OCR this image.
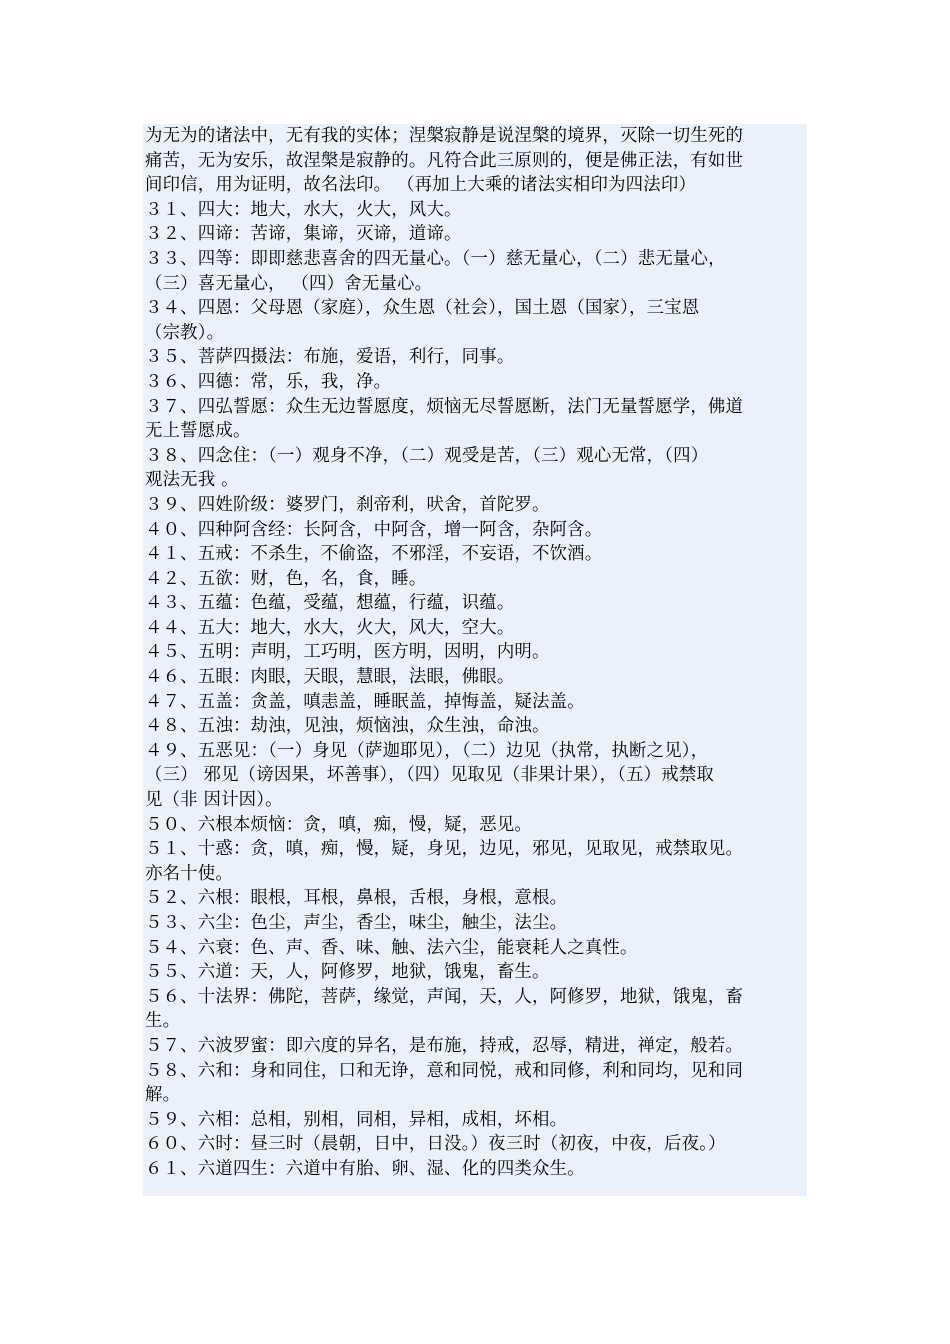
为无为的诸法中，无有我的实体；涅槃寂静是说涅槃的境界，灭除一切生死的
痛苦，无为安乐，故涅槃是寂静的。凡符合此三原则的，便是佛正法，有如世
间印信，用为证明，故名法印。 （再加上大乘的诸法实相印为四法印）
３１、四大：地大，水大，火大，风大。
３２、四谛：苦谛，集谛，灭谛，道谛。
３３、四等：即即慈悲喜舍的四无量心。（一）慈无量心，（二）悲无量心，
（三）喜无量心， （四）舍无量心。
３４、四恩：父母恩（家庭），众生恩（社会），国土恩（国家），三宝恩
（宗教）。
３５、菩萨四摄法：布施，爱语，利行，同事。
３６、四德：常，乐，我，净。
３７、四弘誓愿：众生无边誓愿度，烦恼无尽誓愿断，法门无量誓愿学，佛道
无上誓愿成。
３８、四念住：（一）观身不净，（二）观受是苦，（三）观心无常，（四）
观法无我 。
３９、四姓阶级：婆罗门，刹帝利，吠舍，首陀罗。
４０、四种阿含经：长阿含，中阿含，增一阿含，杂阿含。
４１、五戒：不杀生，不偷盗，不邪淫，不妄语，不饮酒。
４２、五欲：财，色，名，食，睡。
４３、五蕴：色蕴，受蕴，想蕴，行蕴，识蕴。
４４、五大：地大，水大，火大，风大，空大。
４５、五明：声明，工巧明，医方明，因明，内明。
４６、五眼：肉眼，天眼，慧眼，法眼，佛眼。
４７、五盖：贪盖，嗔恚盖，睡眠盖，掉悔盖，疑法盖。
４８、五浊：劫浊，见浊，烦恼浊，众生浊，命浊。
４９、五恶见：（一）身见（萨迦耶见），（二）边见（执常，执断之见），
（三） 邪见（谤因果，坏善事），（四）见取见（非果计果），（五）戒禁取
见（非 因计因）。
５０、六根本烦恼：贪，嗔，痴，慢，疑，恶见。
５１、十惑：贪，嗔，痴，慢，疑，身见，边见，邪见，见取见，戒禁取见。
亦名十使。
５２、六根：眼根，耳根，鼻根，舌根，身根，意根。
５３、六尘：色尘，声尘，香尘，味尘，触尘，法尘。
５４、六衰：色、声、香、味、触、法六尘，能衰耗人之真性。
５５、六道：天，人，阿修罗，地狱，饿鬼，畜生。
５６、十法界：佛陀，菩萨，缘觉，声闻，天，人，阿修罗，地狱，饿鬼，畜
生。
５７、六波罗蜜：即六度的异名，是布施，持戒，忍辱，精进，禅定，般若。
５８、六和：身和同住，口和无诤，意和同悦，戒和同修，利和同均，见和同
解。
５９、六相：总相，别相，同相，异相，成相，坏相。
６０、六时：昼三时（晨朝，日中，日没。）夜三时（初夜，中夜，后夜。）
６１、六道四生：六道中有胎、卵、湿、化的四类众生。
